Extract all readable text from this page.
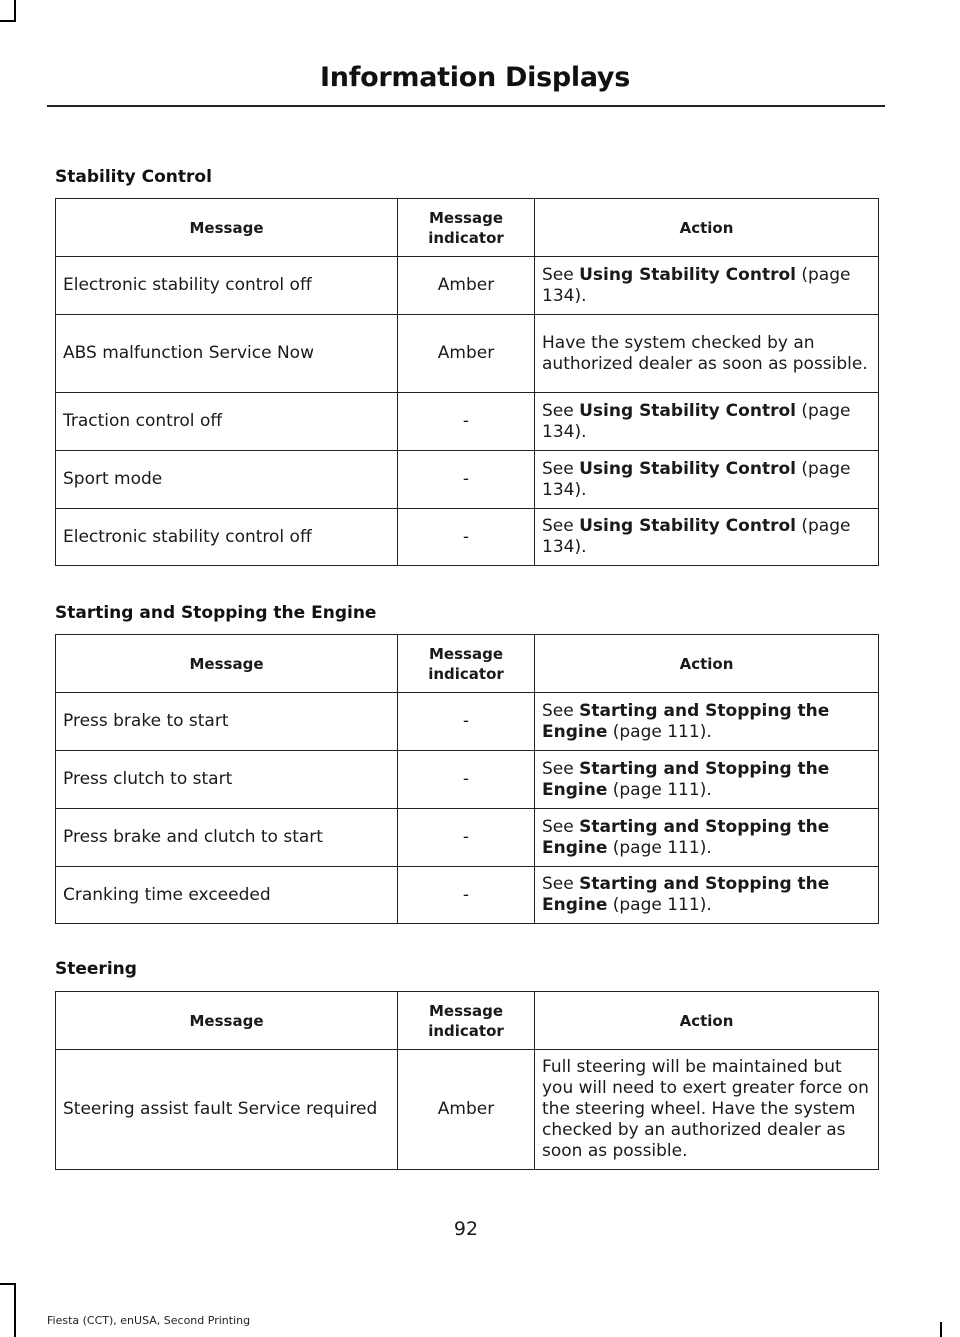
Information Displays
Stability Control
Message	Message indicator	Action
Electronic stability control off	Amber	See Using Stability Control (page 134).
ABS malfunction Service Now	Amber	Have the system checked by an authorized dealer as soon as possible.
Traction control off	-	See Using Stability Control (page 134).
Sport mode	-	See Using Stability Control (page 134).
Electronic stability control off	-	See Using Stability Control (page 134).
Starting and Stopping the Engine
Message	Message indicator	Action
Press brake to start	-	See Starting and Stopping the Engine (page 111).
Press clutch to start	-	See Starting and Stopping the Engine (page 111).
Press brake and clutch to start	-	See Starting and Stopping the Engine (page 111).
Cranking time exceeded	-	See Starting and Stopping the Engine (page 111).
Steering
Message	Message indicator	Action
Steering assist fault Service required	Amber	Full steering will be maintained but you will need to exert greater force on the steering wheel. Have the system checked by an authorized dealer as soon as possible.
92
Fiesta (CCT), enUSA, Second Printing
